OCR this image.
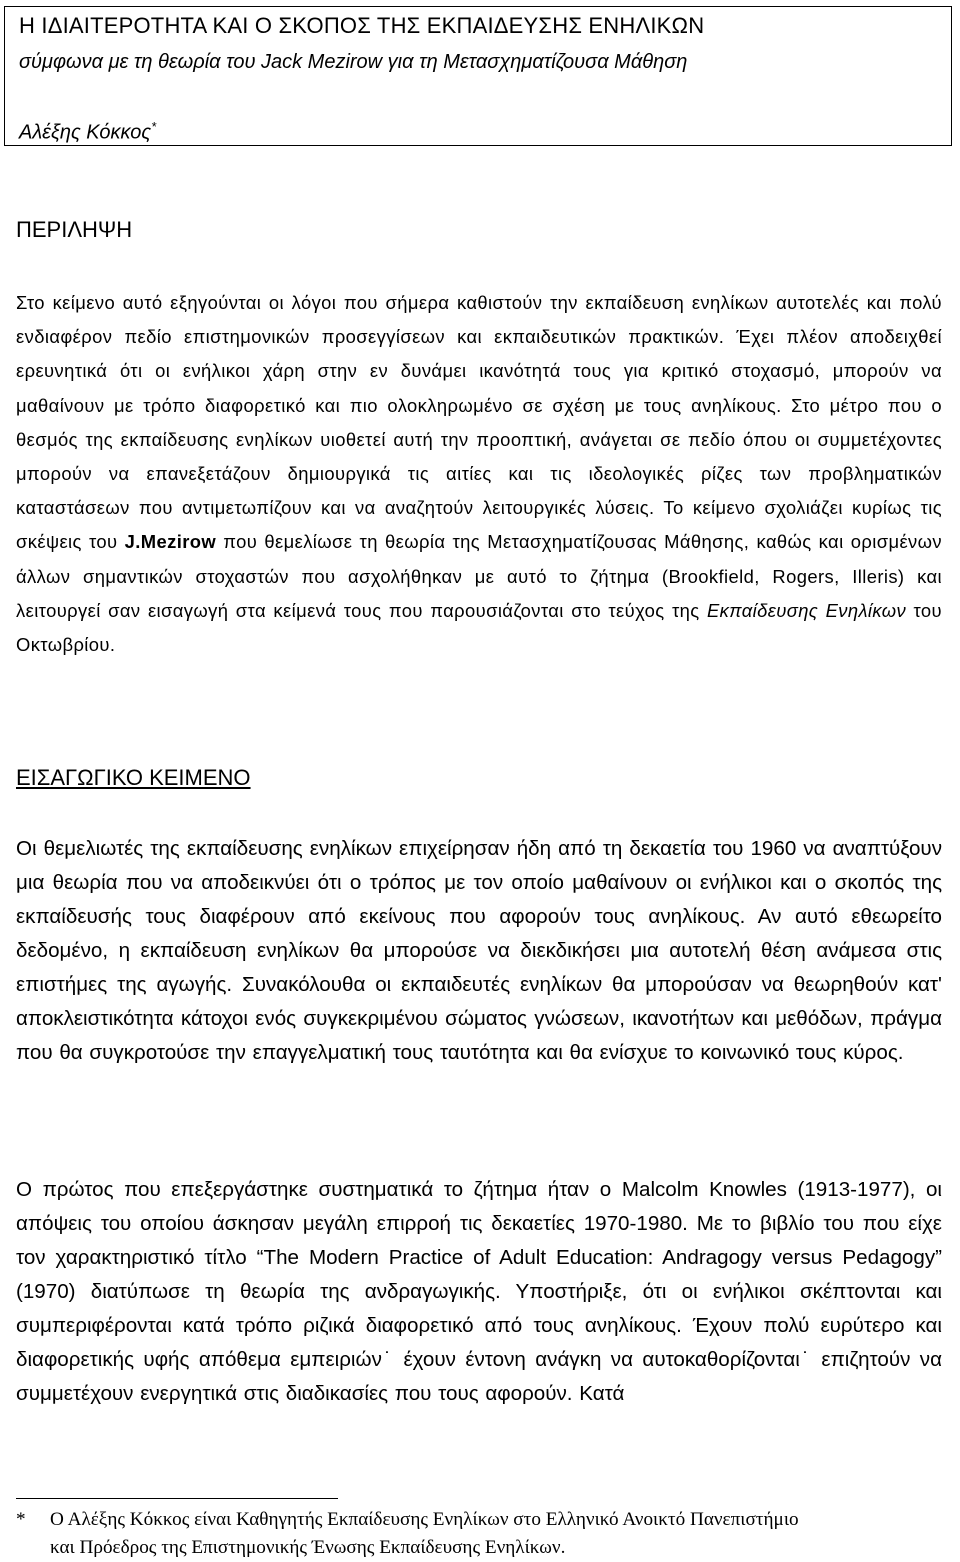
Η ΙΔΙΑΙΤΕΡΟΤΗΤΑ ΚΑΙ Ο ΣΚΟΠΟΣ ΤΗΣ ΕΚΠΑΙΔΕΥΣΗΣ ΕΝΗΛΙΚΩΝ
σύμφωνα με τη θεωρία του Jack Mezirow για τη Μετασχηματίζουσα Μάθηση
Αλέξης Κόκκος*
ΠΕΡΙΛΗΨΗ

Στο κείμενο αυτό εξηγούνται οι λόγοι που σήμερα καθιστούν την εκπαίδευση ενηλίκων αυτοτελές και πολύ ενδιαφέρον πεδίο επιστημονικών προσεγγίσεων και εκπαιδευτικών πρακτικών. Έχει πλέον αποδειχθεί ερευνητικά ότι οι ενήλικοι χάρη στην εν δυνάμει ικανότητά τους για κριτικό στοχασμό, μπορούν να μαθαίνουν με τρόπο διαφορετικό και πιο ολοκληρωμένο σε σχέση με τους ανηλίκους. Στο μέτρο που ο θεσμός της εκπαίδευσης ενηλίκων υιοθετεί αυτή την προοπτική, ανάγεται σε πεδίο όπου οι συμμετέχοντες μπορούν να επανεξετάζουν δημιουργικά τις αιτίες και τις ιδεολογικές ρίζες των προβληματικών καταστάσεων που αντιμετωπίζουν και να αναζητούν λειτουργικές λύσεις. Το κείμενο σχολιάζει κυρίως τις σκέψεις του J.Mezirow που θεμελίωσε τη θεωρία της Μετασχηματίζουσας Μάθησης, καθώς και ορισμένων άλλων σημαντικών στοχαστών που ασχολήθηκαν με αυτό το ζήτημα (Brookfield, Rogers, Illeris) και λειτουργεί σαν εισαγωγή στα κείμενά τους που παρουσιάζονται στο τεύχος της Εκπαίδευσης Ενηλίκων του Οκτωβρίου.

ΕΙΣΑΓΩΓΙΚΟ ΚΕΙΜΕΝΟ

Οι θεμελιωτές της εκπαίδευσης ενηλίκων επιχείρησαν ήδη από τη δεκαετία του 1960 να αναπτύξουν μια θεωρία που να αποδεικνύει ότι ο τρόπος με τον οποίο μαθαίνουν οι ενήλικοι και ο σκοπός της εκπαίδευσής τους διαφέρουν από εκείνους που αφορούν τους ανηλίκους. Αν αυτό εθεωρείτο δεδομένο, η εκπαίδευση ενηλίκων θα μπορούσε να διεκδικήσει μια αυτοτελή θέση ανάμεσα στις επιστήμες της αγωγής. Συνακόλουθα οι εκπαιδευτές ενηλίκων θα μπορούσαν να θεωρηθούν κατ' αποκλειστικότητα κάτοχοι ενός συγκεκριμένου σώματος γνώσεων, ικανοτήτων και μεθόδων, πράγμα που θα συγκροτούσε την επαγγελματική τους ταυτότητα και θα ενίσχυε το κοινωνικό τους κύρος.

Ο πρώτος που επεξεργάστηκε συστηματικά το ζήτημα ήταν ο Malcolm Knowles (1913-1977), οι απόψεις του οποίου άσκησαν μεγάλη επιρροή τις δεκαετίες 1970-1980. Με το βιβλίο του που είχε τον χαρακτηριστικό τίτλο “The Modern Practice of Adult Education: Andragogy versus Pedagogy” (1970) διατύπωσε τη θεωρία της ανδραγωγικής. Υποστήριξε, ότι οι ενήλικοι σκέπτονται και συμπεριφέρονται κατά τρόπο ριζικά διαφορετικό από τους ανηλίκους. Έχουν πολύ ευρύτερο και διαφορετικής υφής απόθεμα εμπειριών˙ έχουν έντονη ανάγκη να αυτοκαθορίζονται˙ επιζητούν να συμμετέχουν ενεργητικά στις διαδικασίες που τους αφορούν. Κατά

* Ο Αλέξης Κόκκος είναι Καθηγητής Εκπαίδευσης Ενηλίκων στο Ελληνικό Ανοικτό Πανεπιστήμιο
και Πρόεδρος της Επιστημονικής Ένωσης Εκπαίδευσης Ενηλίκων.
